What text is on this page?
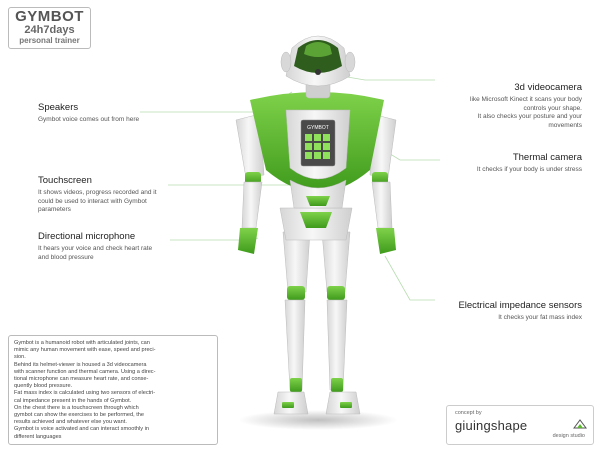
GYMBOT
GYMBOT
24h7days
personal trainer
Speakers
Gymbot voice comes out from here
Touchscreen
It shows videos, progress recorded and it
could be used to interact with Gymbot
parameters
Directional microphone
It hears your voice and check heart rate
and blood pressure
3d videocamera
like Microsoft Kinect it scans your body
controls your shape.
It also checks your posture and your
movements
Thermal camera
It checks if your body is under stress
Electrical impedance sensors
It checks your fat mass index

Gymbot is a humanoid robot with articulated joints, can

mimic any human movement with ease, speed and preci-

sion.

Behind its helmet-viewer is housed a 3d videocamera

with scanner function and thermal camera. Using a direc-

tional microphone can measure heart rate, and conse-

quently blood pressure.

Fat mass index is calculated using two sensors of electri-

cal impedance present in the hands of Gymbot.

On the chest there is a touchscreen through which

gymbot can show the exercises to be performed, the

results achieved and whatever else you want.

Gymbot is voice activated and can interact smoothly in

different languages

concept by
giuingshape
design studio
